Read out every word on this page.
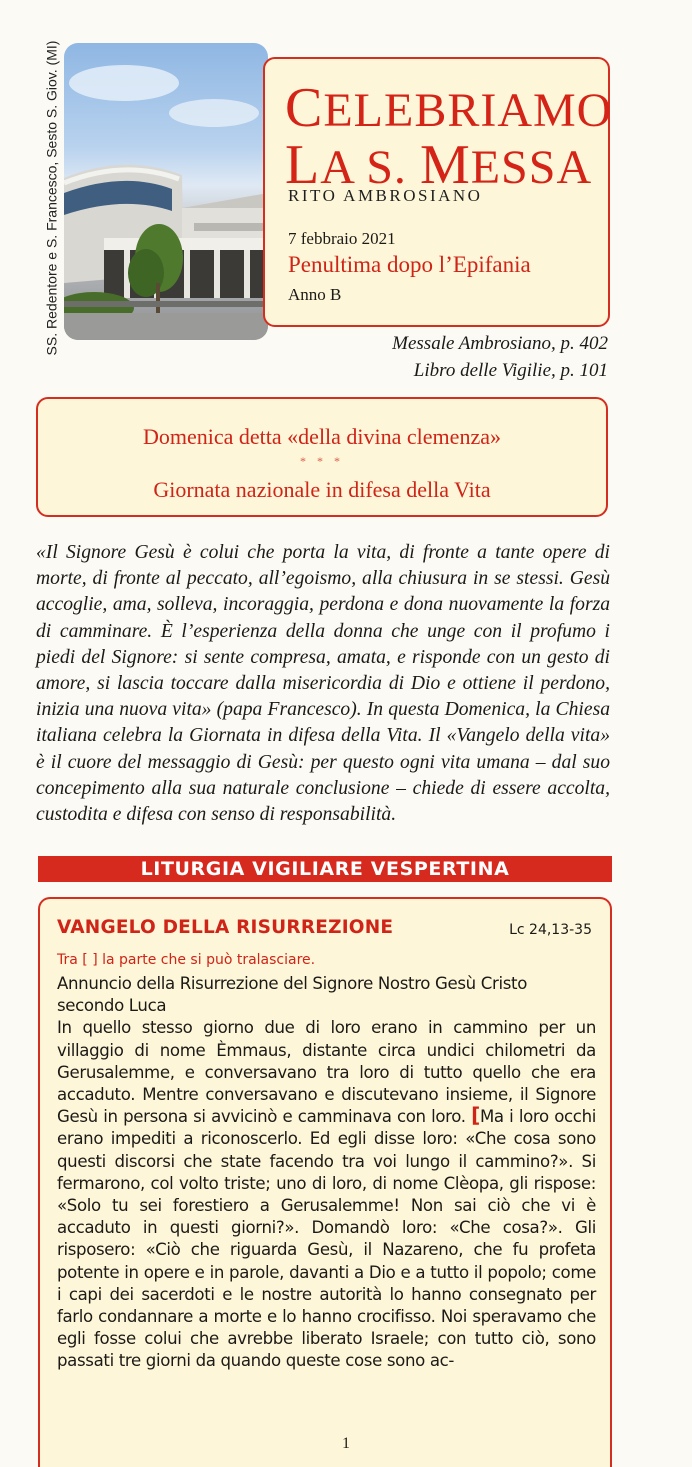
SS. Redentore e S. Francesco, Sesto S. Giov. (MI)	CELEBRIAMO
LA S. MESSA
RITO AMBROSIANO
7 febbraio 2021
Penultima dopo l’Epifania
Anno B
Messale Ambrosiano, p. 402
Libro delle Vigilie, p. 101
Domenica detta «della divina clemenza»
* * *
Giornata nazionale in difesa della Vita

«Il Signore Gesù è colui che porta la vita, di fronte a tante opere di morte, di fronte al peccato, all’egoismo, alla chiusura in se stessi. Gesù accoglie, ama, solleva, incoraggia, perdona e dona nuovamente la forza di camminare. È l’esperienza della donna che unge con il profumo i piedi del Signore: si sente compresa, amata, e risponde con un gesto di amore, si lascia toccare dalla misericordia di Dio e ottiene il perdono, inizia una nuova vita» (papa Francesco). In questa Domenica, la Chiesa italiana celebra la Giornata in difesa della Vita. Il «Vangelo della vita» è il cuore del messaggio di Gesù: per questo ogni vita umana – dal suo concepimento alla sua naturale conclusione – chiede di essere accolta, custodita e difesa con senso di responsabilità.

LITURGIA VIGILIARE VESPERTINA
VANGELO DELLA RISURREZIONE	Lc 24,13-35
Tra [ ] la parte che si può tralasciare.
Annuncio della Risurrezione del Signore Nostro Gesù Cristo secondo Luca
In quello stesso giorno due di loro erano in cammino per un villaggio di nome Èmmaus, distante circa undici chilometri da Gerusalemme, e conversavano tra loro di tutto quello che era accaduto. Mentre conversavano e discutevano insieme, il Signore Gesù in persona si avvicinò e camminava con loro. [Ma i loro occhi erano impediti a riconoscerlo. Ed egli disse loro: «Che cosa sono questi discorsi che state facendo tra voi lungo il cammino?». Si fermarono, col volto triste; uno di loro, di nome Clèopa, gli rispose: «Solo tu sei forestiero a Gerusalemme! Non sai ciò che vi è accaduto in questi giorni?». Domandò loro: «Che cosa?». Gli risposero: «Ciò che riguarda Gesù, il Nazareno, che fu profeta potente in opere e in parole, davanti a Dio e a tutto il popolo; come i capi dei sacerdoti e le nostre autorità lo hanno consegnato per farlo condannare a morte e lo hanno crocifisso. Noi speravamo che egli fosse colui che avrebbe liberato Israele; con tutto ciò, sono passati tre giorni da quando queste cose sono ac-
1
